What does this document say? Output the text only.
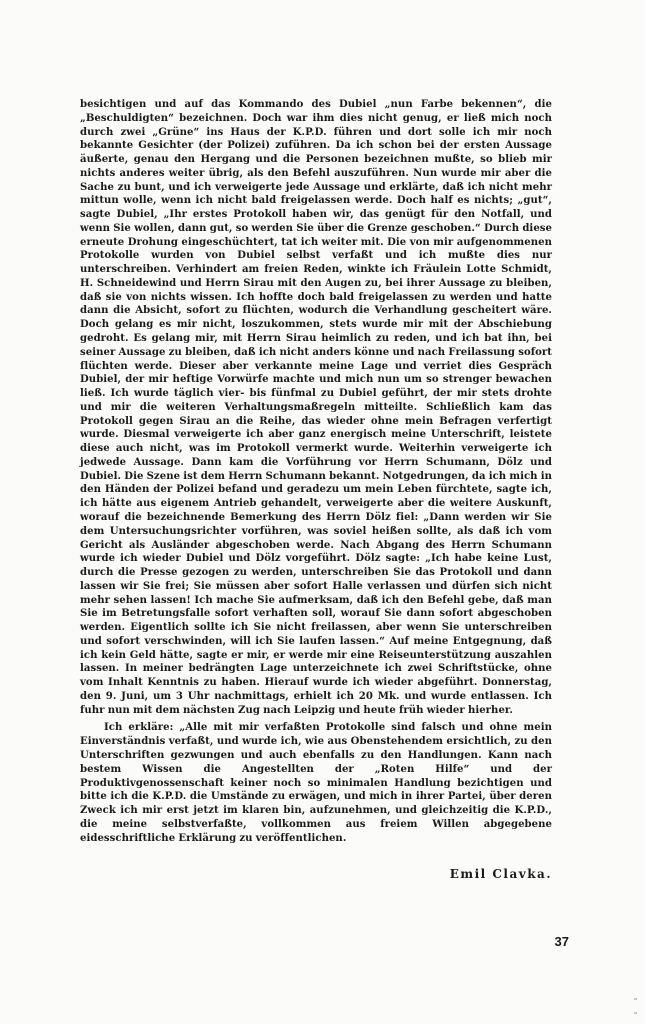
besichtigen und auf das Kommando des Dubiel „nun Farbe bekennen“, die „Beschuldigten“ bezeichnen. Doch war ihm dies nicht genug, er ließ mich noch durch zwei „Grüne“ ins Haus der K.P.D. führen und dort solle ich mir noch bekannte Gesichter (der Polizei) zuführen. Da ich schon bei der ersten Aussage äußerte, genau den Hergang und die Personen bezeichnen mußte, so blieb mir nichts anderes weiter übrig, als den Befehl auszuführen. Nun wurde mir aber die Sache zu bunt, und ich verweigerte jede Aussage und erklärte, daß ich nicht mehr mittun wolle, wenn ich nicht bald freigelassen werde. Doch half es nichts; „gut“, sagte Dubiel, „Ihr erstes Protokoll haben wir, das genügt für den Notfall, und wenn Sie wollen, dann gut, so werden Sie über die Grenze geschoben.“ Durch diese erneute Drohung eingeschüchtert, tat ich weiter mit. Die von mir aufgenommenen Protokolle wurden von Dubiel selbst verfaßt und ich mußte dies nur unterschreiben. Verhindert am freien Reden, winkte ich Fräulein Lotte Schmidt, H. Schneidewind und Herrn Sirau mit den Augen zu, bei ihrer Aussage zu bleiben, daß sie von nichts wissen. Ich hoffte doch bald freigelassen zu werden und hatte dann die Absicht, sofort zu flüchten, wodurch die Verhandlung gescheitert wäre. Doch gelang es mir nicht, loszukommen, stets wurde mir mit der Abschiebung gedroht. Es gelang mir, mit Herrn Sirau heimlich zu reden, und ich bat ihn, bei seiner Aussage zu bleiben, daß ich nicht anders könne und nach Freilassung sofort flüchten werde. Dieser aber verkannte meine Lage und verriet dies Gespräch Dubiel, der mir heftige Vorwürfe machte und mich nun um so strenger bewachen ließ. Ich wurde täglich vier- bis fünfmal zu Dubiel geführt, der mir stets drohte und mir die weiteren Verhaltungsmaßregeln mitteilte. Schließlich kam das Protokoll gegen Sirau an die Reihe, das wieder ohne mein Befragen verfertigt wurde. Diesmal verweigerte ich aber ganz energisch meine Unterschrift, leistete diese auch nicht, was im Protokoll vermerkt wurde. Weiterhin verweigerte ich jedwede Aussage. Dann kam die Vorführung vor Herrn Schumann, Dölz und Dubiel. Die Szene ist dem Herrn Schumann bekannt. Notgedrungen, da ich mich in den Händen der Polizei befand und geradezu um mein Leben fürchtete, sagte ich, ich hätte aus eigenem Antrieb gehandelt, verweigerte aber die weitere Auskunft, worauf die bezeichnende Bemerkung des Herrn Dölz fiel: „Dann werden wir Sie dem Untersuchungsrichter vorführen, was soviel heißen sollte, als daß ich vom Gericht als Ausländer abgeschoben werde. Nach Abgang des Herrn Schumann wurde ich wieder Dubiel und Dölz vorgeführt. Dölz sagte: „Ich habe keine Lust, durch die Presse gezogen zu werden, unterschreiben Sie das Protokoll und dann lassen wir Sie frei; Sie müssen aber sofort Halle verlassen und dürfen sich nicht mehr sehen lassen! Ich mache Sie aufmerksam, daß ich den Befehl gebe, daß man Sie im Betretungsfalle sofort verhaften soll, worauf Sie dann sofort abgeschoben werden. Eigentlich sollte ich Sie nicht freilassen, aber wenn Sie unterschreiben und sofort verschwinden, will ich Sie laufen lassen.“ Auf meine Entgegnung, daß ich kein Geld hätte, sagte er mir, er werde mir eine Reiseunterstützung auszahlen lassen. In meiner bedrängten Lage unterzeichnete ich zwei Schriftstücke, ohne vom Inhalt Kenntnis zu haben. Hierauf wurde ich wieder abgeführt. Donnerstag, den 9. Juni, um 3 Uhr nachmittags, erhielt ich 20 Mk. und wurde entlassen. Ich fuhr nun mit dem nächsten Zug nach Leipzig und heute früh wieder hierher.

Ich erkläre: „Alle mit mir verfaßten Protokolle sind falsch und ohne mein Einverständnis verfaßt, und wurde ich, wie aus Obenstehendem ersichtlich, zu den Unterschriften gezwungen und auch ebenfalls zu den Handlungen. Kann nach bestem Wissen die Angestellten der „Roten Hilfe“ und der Produktivgenossenschaft keiner noch so minimalen Handlung bezichtigen und bitte ich die K.P.D. die Umstände zu erwägen, und mich in ihrer Partei, über deren Zweck ich mir erst jetzt im klaren bin, aufzunehmen, und gleichzeitig die K.P.D., die meine selbstverfaßte, vollkommen aus freiem Willen abgegebene eidesschriftliche Erklärung zu veröffentlichen.

Emil Clavka.
37
